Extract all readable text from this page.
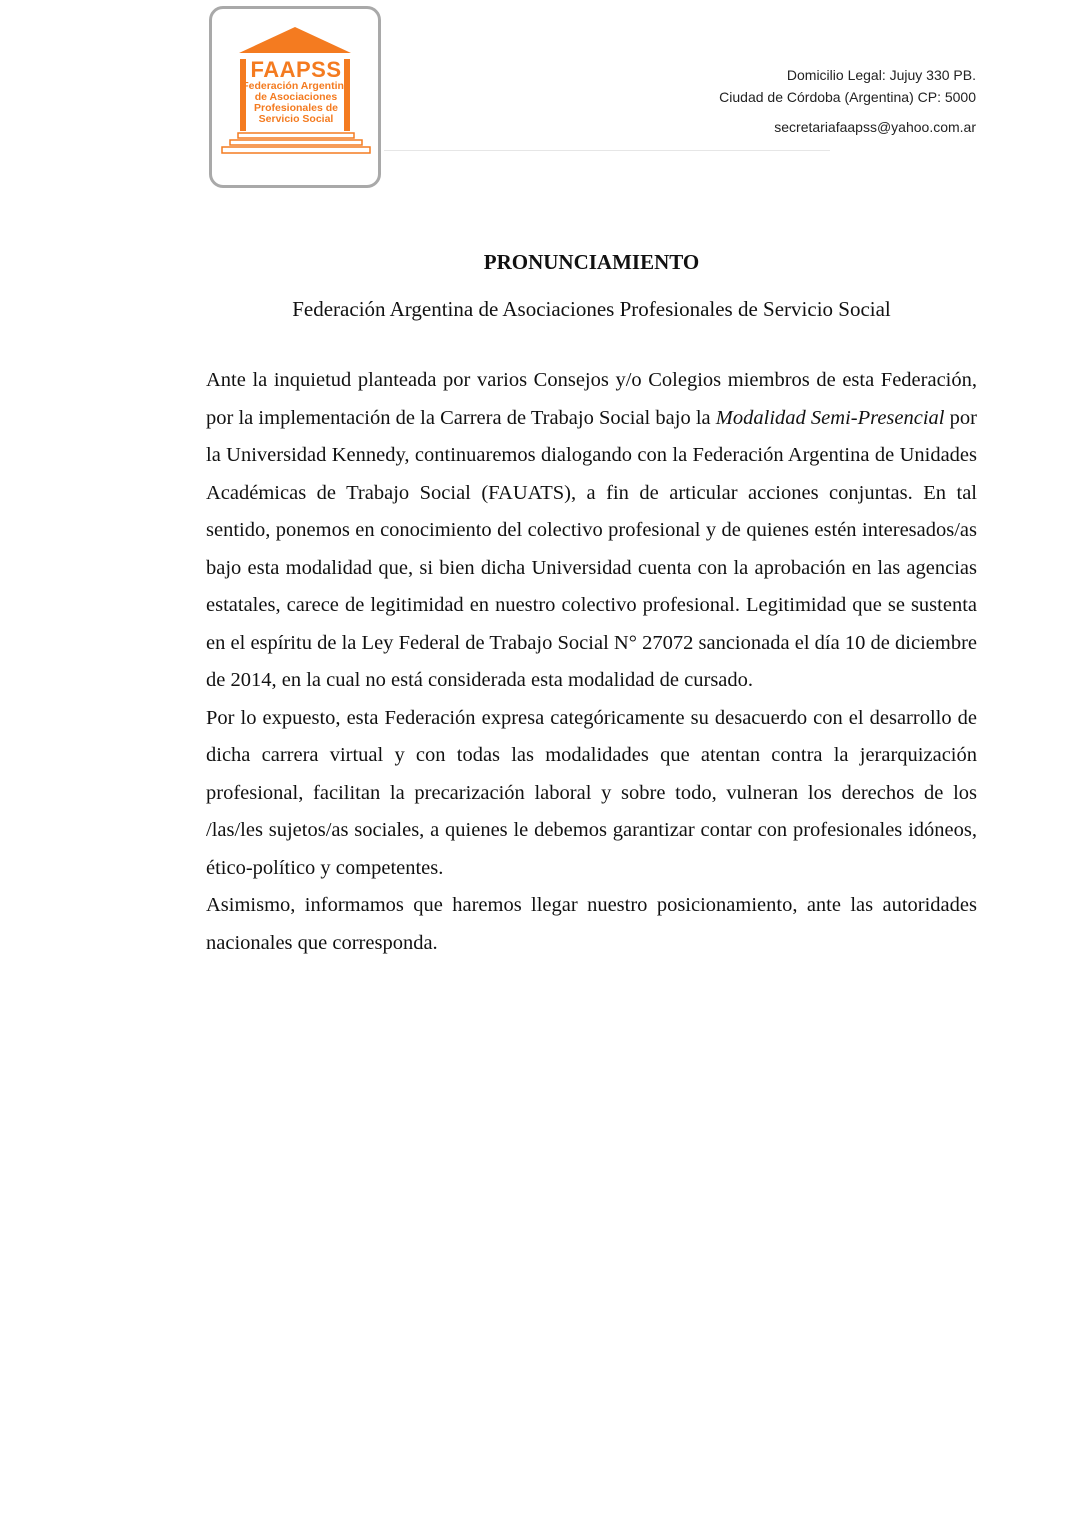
FAAPSS
Federación Argentina
de Asociaciones
Profesionales de
Servicio Social
Domicilio Legal: Jujuy 330 PB.
Ciudad de Córdoba (Argentina) CP: 5000
secretariafaapss@yahoo.com.ar
PRONUNCIAMIENTO
Federación Argentina de Asociaciones Profesionales de Servicio Social

Ante la inquietud planteada por varios Consejos y/o Colegios miembros de esta Federación, por la implementación de la Carrera de Trabajo Social bajo la Modalidad Semi-Presencial por la Universidad Kennedy, continuaremos dialogando con la Federación Argentina de Unidades Académicas de Trabajo Social (FAUATS), a fin de articular acciones conjuntas. En tal sentido, ponemos en conocimiento del colectivo profesional y de quienes estén interesados/as bajo esta modalidad que, si bien dicha Universidad cuenta con la aprobación en las agencias estatales, carece de legitimidad en nuestro colectivo profesional. Legitimidad que se sustenta en el espíritu de la Ley Federal de Trabajo Social N° 27072 sancionada el día 10 de diciembre de 2014, en la cual no está considerada esta modalidad de cursado.

Por lo expuesto, esta Federación expresa categóricamente su desacuerdo con el desarrollo de dicha carrera virtual y con todas las modalidades que atentan contra la jerarquización profesional, facilitan la precarización laboral y sobre todo, vulneran los derechos de los /las/les sujetos/as sociales, a quienes le debemos garantizar contar con profesionales idóneos, ético-político y competentes.

Asimismo, informamos que haremos llegar nuestro posicionamiento, ante las autoridades nacionales que corresponda.
